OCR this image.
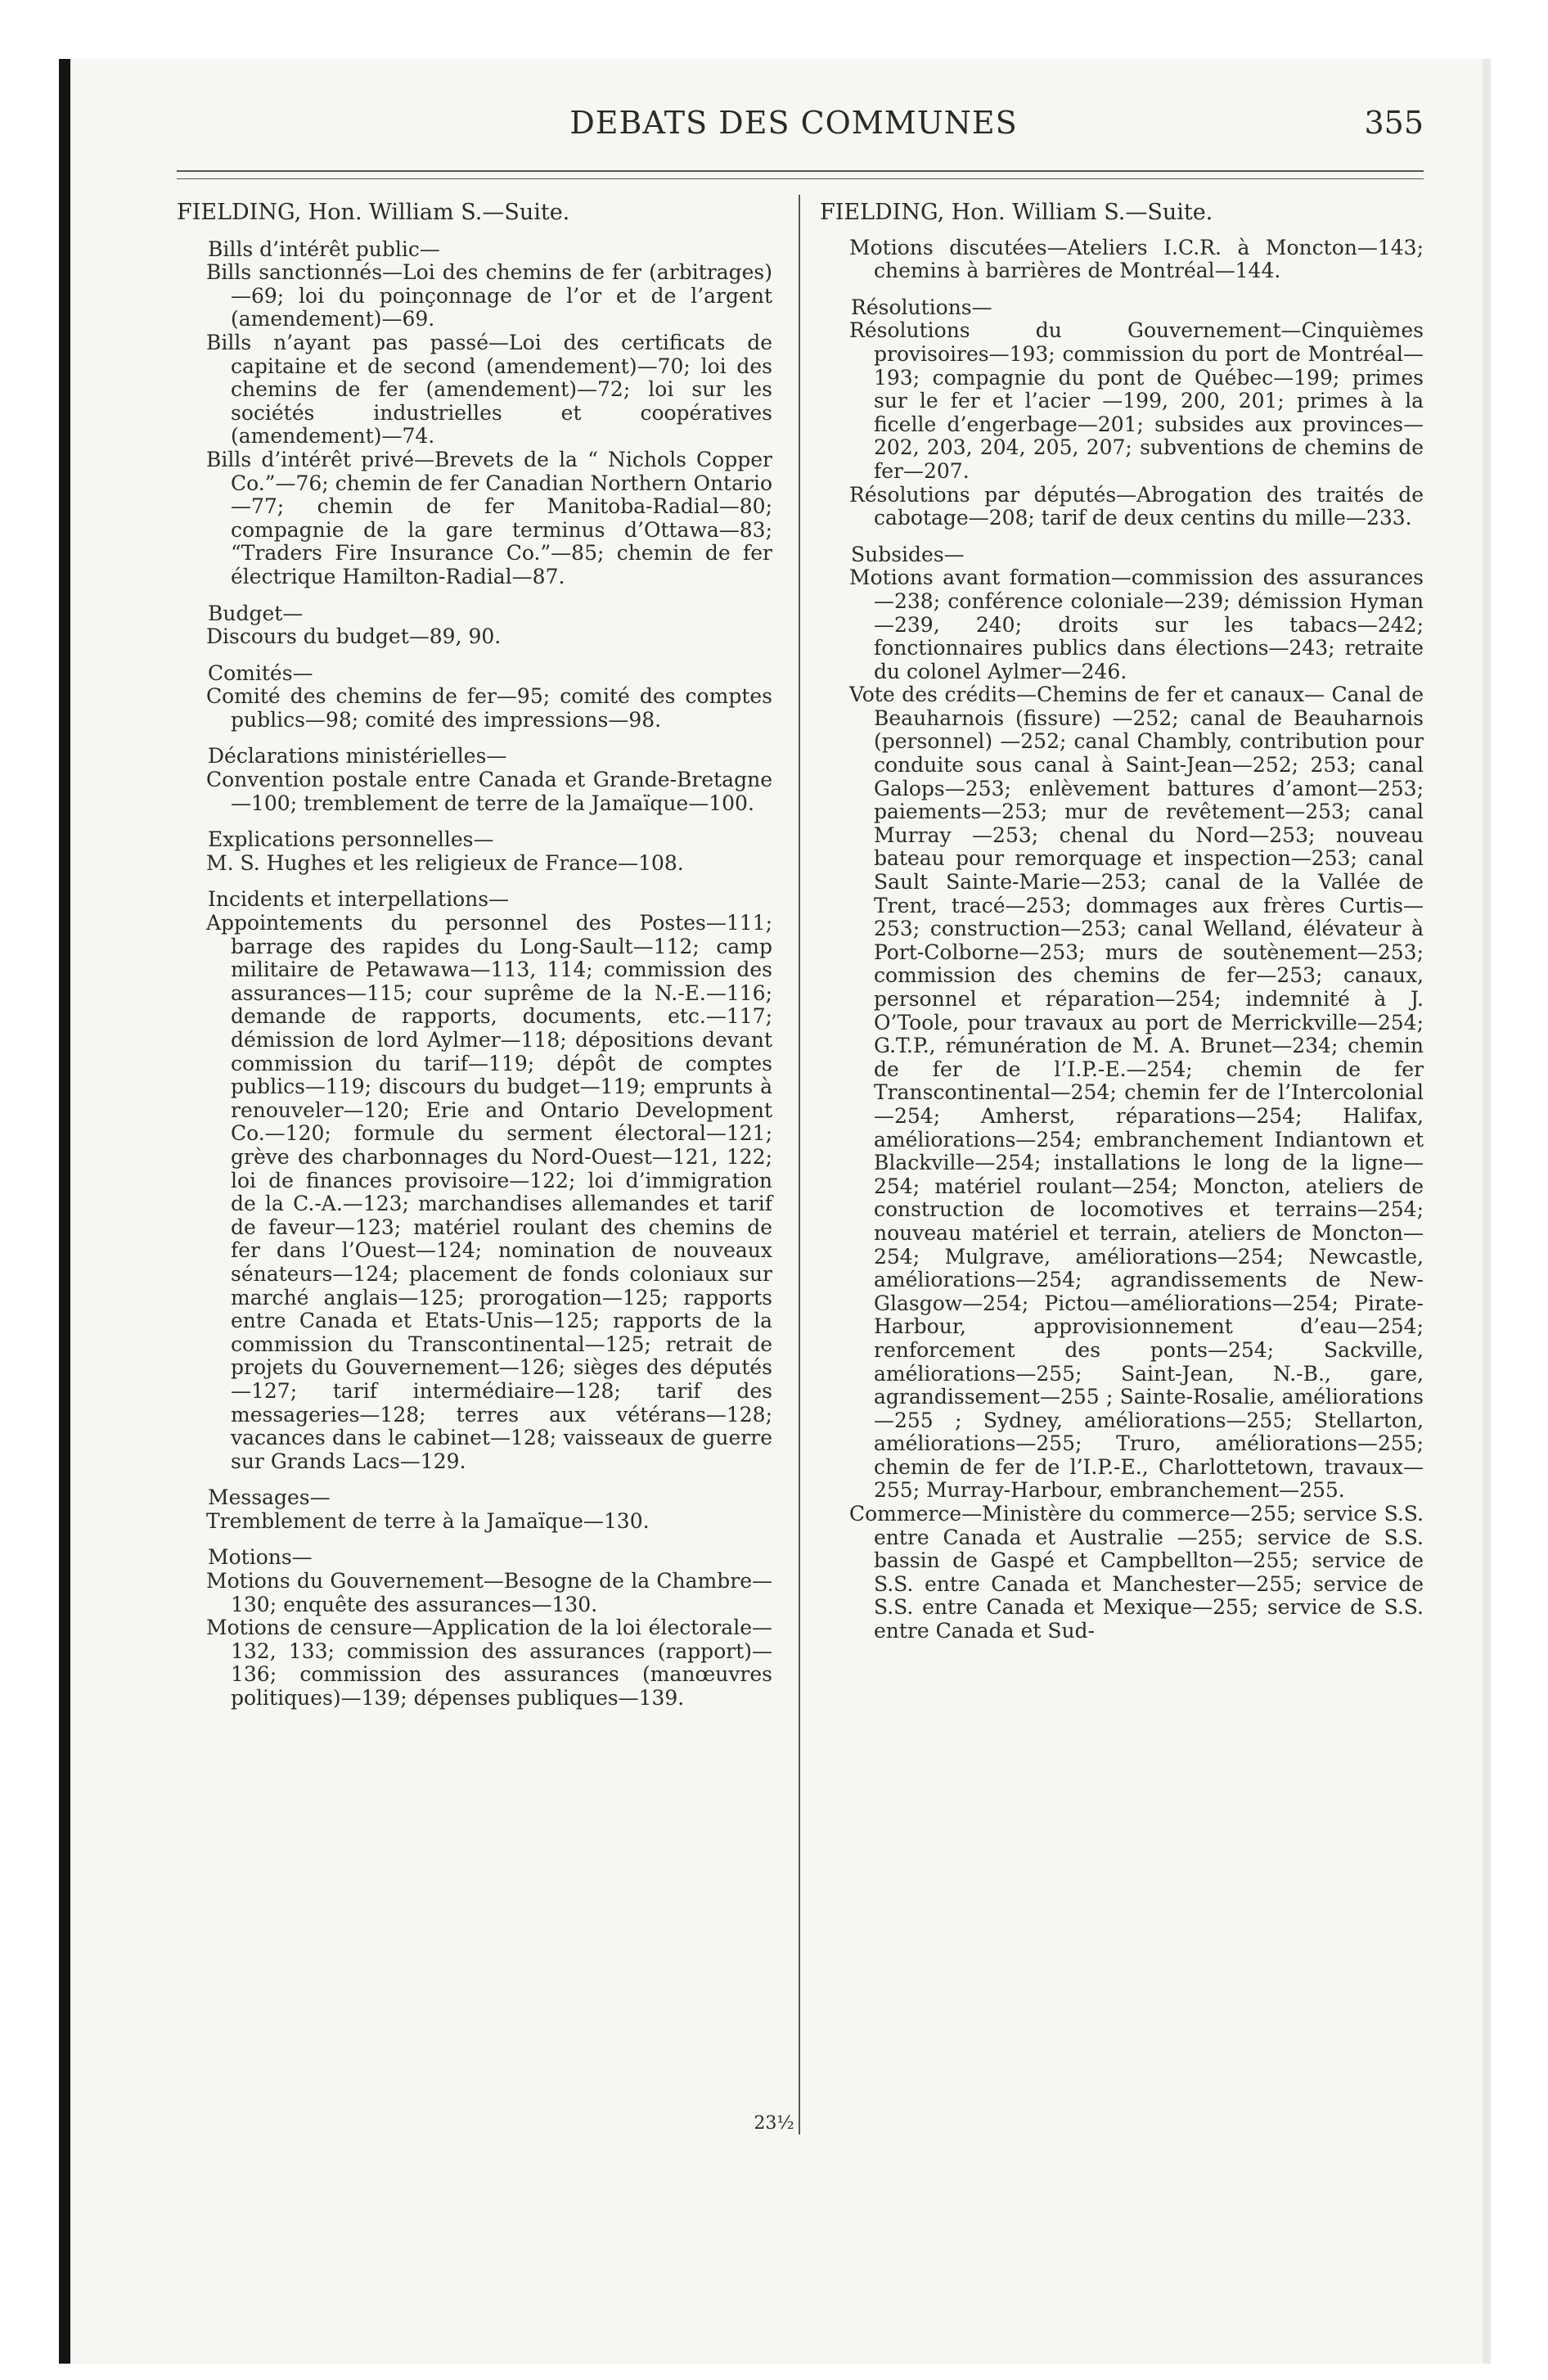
DEBATS DES COMMUNES	355

FIELDING, Hon. William S.—Suite.

Bills d’intérêt public—

Bills sanctionnés—Loi des chemins de fer (arbitrages)—69; loi du poinçonnage de l’or et de l’argent (amendement)—69.

Bills n’ayant pas passé—Loi des certificats de capitaine et de second (amendement)—70; loi des chemins de fer (amendement)—72; loi sur les sociétés industrielles et coopératives (amendement)—74.

Bills d’intérêt privé—Brevets de la “ Nichols Copper Co.”—76; chemin de fer Canadian Northern Ontario—77; chemin de fer Manitoba-Radial—80; compagnie de la gare terminus d’Ottawa—83; “Traders Fire Insurance Co.”—85; chemin de fer électrique Hamilton-Radial—87.

Budget—

Discours du budget—89, 90.

Comités—

Comité des chemins de fer—95; comité des comptes publics—98; comité des impressions—98.

Déclarations ministérielles—

Convention postale entre Canada et Grande-Bretagne—100; tremblement de terre de la Jamaïque—100.

Explications personnelles—

M. S. Hughes et les religieux de France—108.

Incidents et interpellations—

Appointements du personnel des Postes—111; barrage des rapides du Long-Sault—112; camp militaire de Petawawa—113, 114; commission des assurances—115; cour suprême de la N.-E.—116; demande de rapports, documents, etc.—117; démission de lord Aylmer—118; dépositions devant commission du tarif—119; dépôt de comptes publics—119; discours du budget—119; emprunts à renouveler—120; Erie and Ontario Development Co.—120; formule du serment électoral—121; grève des charbonnages du Nord-Ouest—121, 122; loi de finances provisoire—122; loi d’immigration de la C.-A.—123; marchandises allemandes et tarif de faveur—123; matériel roulant des chemins de fer dans l’Ouest—124; nomination de nouveaux sénateurs—124; placement de fonds coloniaux sur marché anglais—125; prorogation—125; rapports entre Canada et Etats-Unis—125; rapports de la commission du Transcontinental—125; retrait de projets du Gouvernement—126; sièges des députés—127; tarif intermédiaire—128; tarif des messageries—128; terres aux vétérans—128; vacances dans le cabinet—128; vaisseaux de guerre sur Grands Lacs—129.

Messages—

Tremblement de terre à la Jamaïque—130.

Motions—

Motions du Gouvernement—Besogne de la Chambre—130; enquête des assurances—130.

Motions de censure—Application de la loi électorale—132, 133; commission des assurances (rapport)—136; commission des assurances (manœuvres politiques)—139; dépenses publiques—139.

FIELDING, Hon. William S.—Suite.

Motions discutées—Ateliers I.C.R. à Moncton—143; chemins à barrières de Montréal—144.

Résolutions—

Résolutions du Gouvernement—Cinquièmes provisoires—193; commission du port de Montréal—193; compagnie du pont de Québec—199; primes sur le fer et l’acier —199, 200, 201; primes à la ficelle d’engerbage—201; subsides aux provinces—202, 203, 204, 205, 207; subventions de chemins de fer—207.

Résolutions par députés—Abrogation des traités de cabotage—208; tarif de deux centins du mille—233.

Subsides—

Motions avant formation—commission des assurances—238; conférence coloniale—239; démission Hyman—239, 240; droits sur les tabacs—242; fonctionnaires publics dans élections—243; retraite du colonel Aylmer—246.

Vote des crédits—Chemins de fer et canaux— Canal de Beauharnois (fissure) —252; canal de Beauharnois (personnel) —252; canal Chambly, contribution pour conduite sous canal à Saint-Jean—252; 253; canal Galops—253; enlèvement battures d’amont—253; paiements—253; mur de revêtement—253; canal Murray —253; chenal du Nord—253; nouveau bateau pour remorquage et inspection—253; canal Sault Sainte-Marie—253; canal de la Vallée de Trent, tracé—253; dommages aux frères Curtis—253; construction—253; canal Welland, élévateur à Port-Colborne—253; murs de soutènement—253; commission des chemins de fer—253; canaux, personnel et réparation—254; indemnité à J. O’Toole, pour travaux au port de Merrickville—254; G.T.P., rémunération de M. A. Brunet—234; chemin de fer de l’I.P.-E.—254; chemin de fer Transcontinental—254; chemin fer de l’Intercolonial—254; Amherst, réparations—254; Halifax, améliorations—254; embranchement Indiantown et Blackville—254; installations le long de la ligne—254; matériel roulant—254; Moncton, ateliers de construction de locomotives et terrains—254; nouveau matériel et terrain, ateliers de Moncton—254; Mulgrave, améliorations—254; Newcastle, améliorations—254; agrandissements de New-Glasgow—254; Pictou—améliorations—254; Pirate-Harbour, approvisionnement d’eau—254; renforcement des ponts—254; Sackville, améliorations—255; Saint-Jean, N.-B., gare, agrandissement—255 ; Sainte-Rosalie, améliorations—255 ; Sydney, améliorations—255; Stellarton, améliorations—255; Truro, améliorations—255; chemin de fer de l’I.P.-E., Charlottetown, travaux—255; Murray-Harbour, embranchement—255.

Commerce—Ministère du commerce—255; service S.S. entre Canada et Australie —255; service de S.S. bassin de Gaspé et Campbellton—255; service de S.S. entre Canada et Manchester—255; service de S.S. entre Canada et Mexique—255; service de S.S. entre Canada et Sud-

23½
